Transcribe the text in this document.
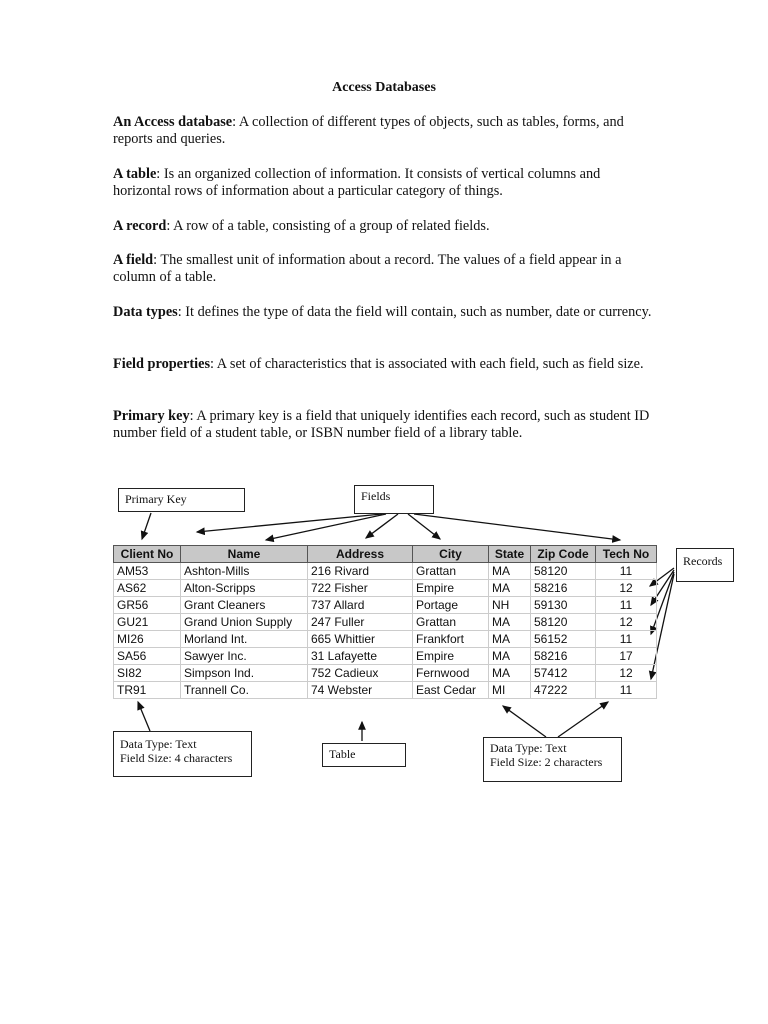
Access Databases
An Access database: A collection of different types of objects, such as tables, forms, and reports and queries.
A table: Is an organized collection of information. It consists of vertical columns and horizontal rows of information about a particular category of things.
A record: A row of a table, consisting of a group of related fields.
A field: The smallest unit of information about a record. The values of a field appear in a column of a table.
Data types: It defines the type of data the field will contain, such as number, date or currency.
Field properties: A set of characteristics that is associated with each field, such as field size.
Primary key: A primary key is a field that uniquely identifies each record, such as student ID number field of a student table, or ISBN number field of a library table.
Primary Key	Fields
Records
Data Type: Text
Field Size: 4 characters	Table	Data Type: Text
Field Size: 2 characters
Client No	Name	Address	City	State	Zip Code	Tech No
AM53	Ashton-Mills	216 Rivard	Grattan	MA	58120	11
AS62	Alton-Scripps	722 Fisher	Empire	MA	58216	12
GR56	Grant Cleaners	737 Allard	Portage	NH	59130	11
GU21	Grand Union Supply	247 Fuller	Grattan	MA	58120	12
MI26	Morland Int.	665 Whittier	Frankfort	MA	56152	11
SA56	Sawyer Inc.	31 Lafayette	Empire	MA	58216	17
SI82	Simpson Ind.	752 Cadieux	Fernwood	MA	57412	12
TR91	Trannell Co.	74 Webster	East Cedar	MI	47222	11
